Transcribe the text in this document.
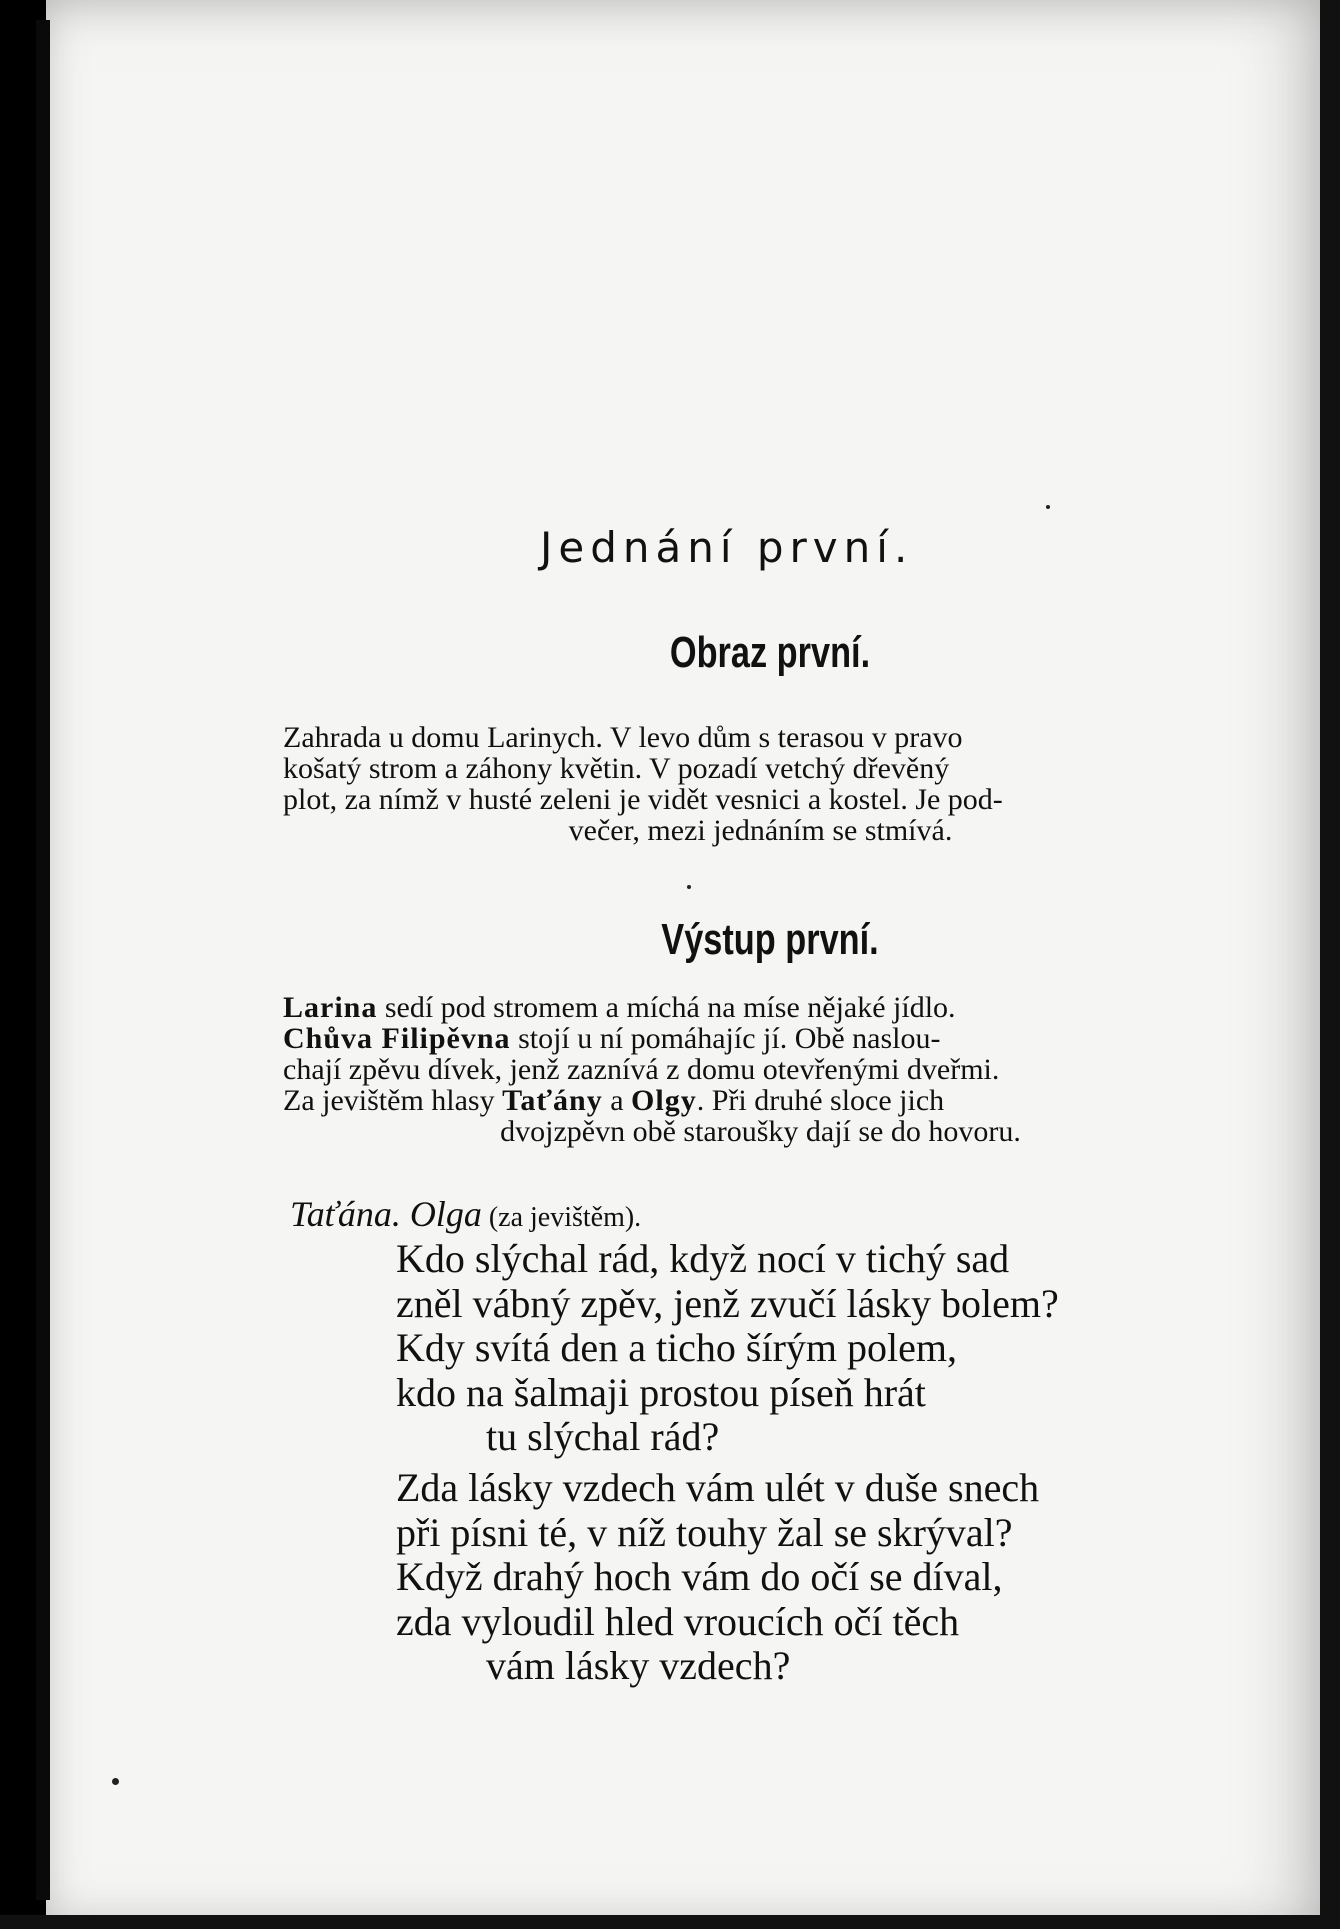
Jednání první.
Obraz první.
Zahrada u domu Larinych. V levo dům s terasou v pravo
košatý strom a záhony květin. V pozadí vetchý dřevěný
plot, za nímž v husté zeleni je vidět vesnici a kostel. Je pod-
večer, mezi jednáním se stmívá.
Výstup první.
Larina sedí pod stromem a míchá na míse nějaké jídlo.
Chůva Filipěvna stojí u ní pomáhajíc jí. Obě naslou-
chají zpěvu dívek, jenž zaznívá z domu otevřenými dveřmi.
Za jevištěm hlasy Taťány a Olgy. Při druhé sloce jich
dvojzpěvn obě staroušky dají se do hovoru.
Taťána. Olga (za jevištěm).
Kdo slýchal rád, když nocí v tichý sad
zněl vábný zpěv, jenž zvučí lásky bolem?
Kdy svítá den a ticho šírým polem,
kdo na šalmaji prostou píseň hrát
tu slýchal rád?
Zda lásky vzdech vám ulét v duše snech
při písni té, v níž touhy žal se skrýval?
Když drahý hoch vám do očí se díval,
zda vyloudil hled vroucích očí těch
vám lásky vzdech?
